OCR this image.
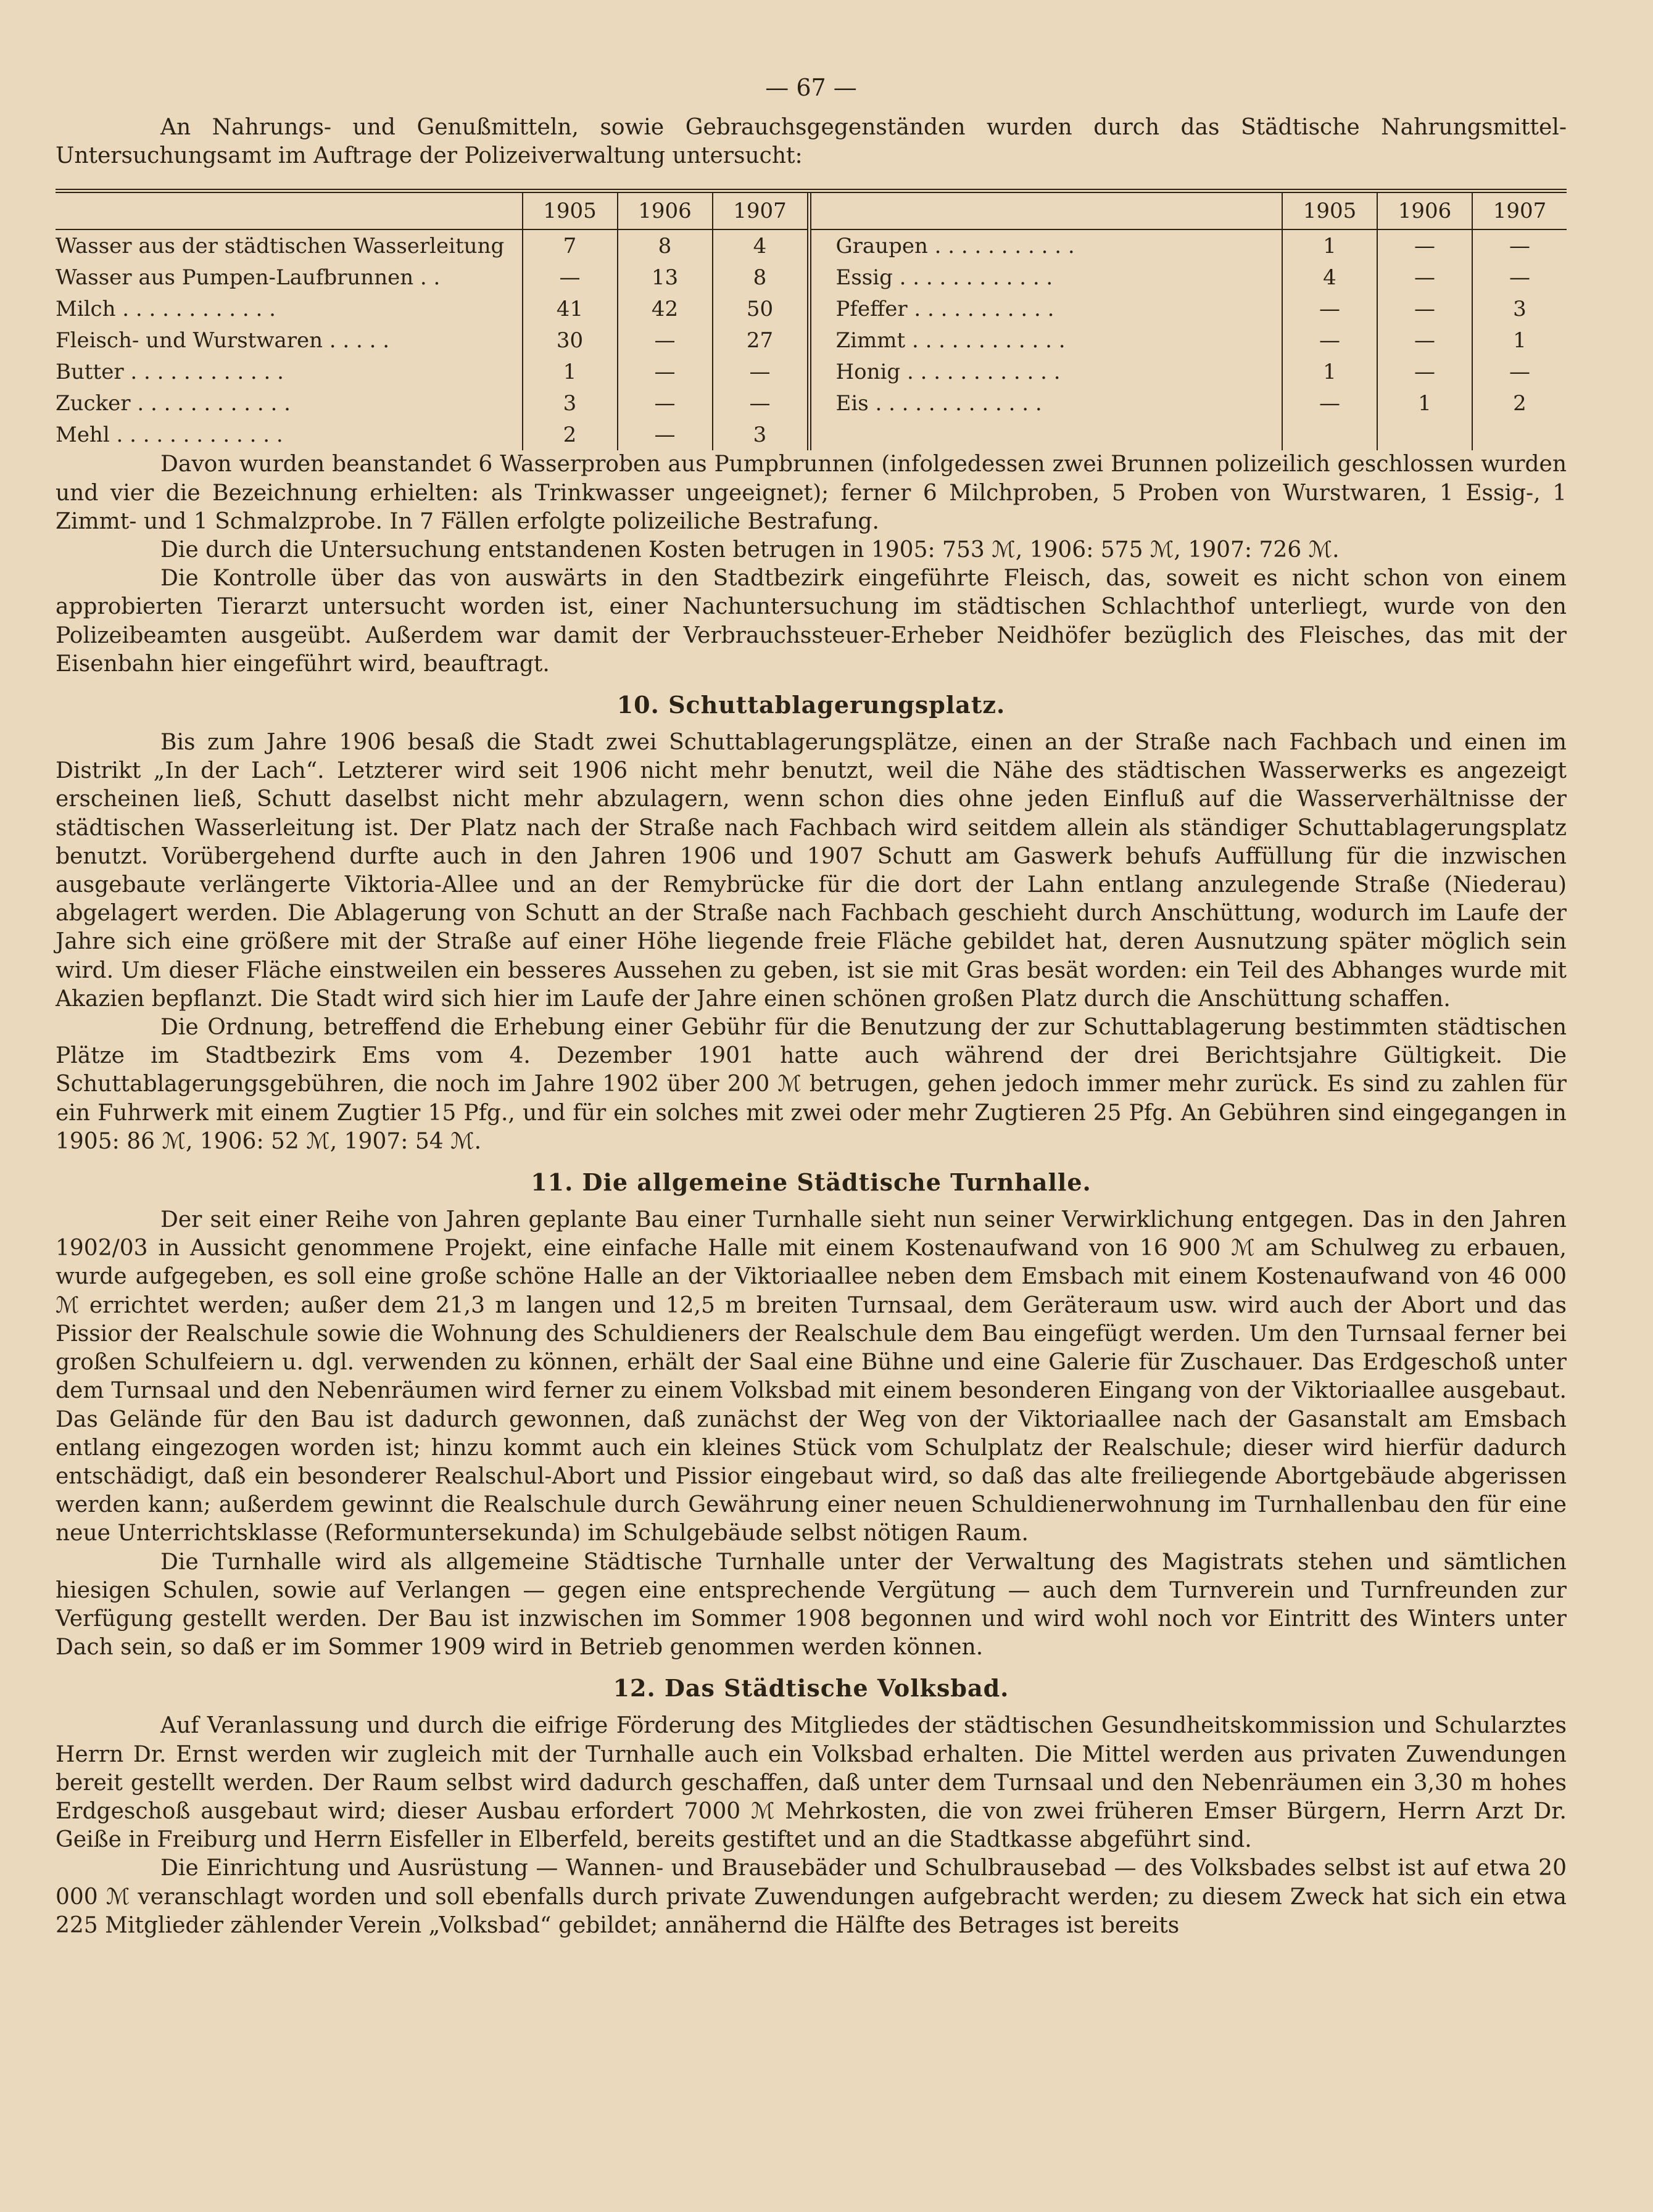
— 67 —

An Nahrungs- und Genußmitteln, sowie Gebrauchsgegenständen wurden durch das Städtische Nahrungsmittel-Untersuchungsamt im Auftrage der Polizeiverwaltung untersucht:

	1905	1906	1907
Wasser aus der städtischen Wasserleitung	7	8	4
Wasser aus Pumpen-Laufbrunnen . .	—	13	8
Milch . . . . . . . . . . . .	41	42	50
Fleisch- und Wurstwaren . . . . .	30	—	27
Butter . . . . . . . . . . . .	1	—	—
Zucker . . . . . . . . . . . .	3	—	—
Mehl . . . . . . . . . . . . .	2	—	3
	1905	1906	1907
Graupen . . . . . . . . . . .	1	—	—
Essig . . . . . . . . . . . .	4	—	—
Pfeffer . . . . . . . . . . .	—	—	3
Zimmt . . . . . . . . . . . .	—	—	1
Honig . . . . . . . . . . . .	1	—	—
Eis . . . . . . . . . . . . .	—	1	2

Davon wurden beanstandet 6 Wasserproben aus Pumpbrunnen (infolgedessen zwei Brunnen polizeilich geschlossen wurden und vier die Bezeichnung erhielten: als Trinkwasser ungeeignet); ferner 6 Milchproben, 5 Proben von Wurstwaren, 1 Essig-, 1 Zimmt- und 1 Schmalzprobe. In 7 Fällen erfolgte polizeiliche Bestrafung.

Die durch die Untersuchung entstandenen Kosten betrugen in 1905: 753 ℳ, 1906: 575 ℳ, 1907: 726 ℳ.

Die Kontrolle über das von auswärts in den Stadtbezirk eingeführte Fleisch, das, soweit es nicht schon von einem approbierten Tierarzt untersucht worden ist, einer Nachuntersuchung im städtischen Schlachthof unterliegt, wurde von den Polizeibeamten ausgeübt. Außerdem war damit der Verbrauchssteuer-Erheber Neidhöfer bezüglich des Fleisches, das mit der Eisenbahn hier eingeführt wird, beauftragt.

10. Schuttablagerungsplatz.

Bis zum Jahre 1906 besaß die Stadt zwei Schuttablagerungsplätze, einen an der Straße nach Fachbach und einen im Distrikt „In der Lach“. Letzterer wird seit 1906 nicht mehr benutzt, weil die Nähe des städtischen Wasserwerks es angezeigt erscheinen ließ, Schutt daselbst nicht mehr abzulagern, wenn schon dies ohne jeden Einfluß auf die Wasserverhältnisse der städtischen Wasserleitung ist. Der Platz nach der Straße nach Fachbach wird seitdem allein als ständiger Schuttablagerungsplatz benutzt. Vorübergehend durfte auch in den Jahren 1906 und 1907 Schutt am Gaswerk behufs Auffüllung für die inzwischen ausgebaute verlängerte Viktoria-Allee und an der Remybrücke für die dort der Lahn entlang anzulegende Straße (Niederau) abgelagert werden. Die Ablagerung von Schutt an der Straße nach Fachbach geschieht durch Anschüttung, wodurch im Laufe der Jahre sich eine größere mit der Straße auf einer Höhe liegende freie Fläche gebildet hat, deren Ausnutzung später möglich sein wird. Um dieser Fläche einstweilen ein besseres Aussehen zu geben, ist sie mit Gras besät worden: ein Teil des Abhanges wurde mit Akazien bepflanzt. Die Stadt wird sich hier im Laufe der Jahre einen schönen großen Platz durch die Anschüttung schaffen.

Die Ordnung, betreffend die Erhebung einer Gebühr für die Benutzung der zur Schuttablagerung bestimmten städtischen Plätze im Stadtbezirk Ems vom 4. Dezember 1901 hatte auch während der drei Berichtsjahre Gültigkeit. Die Schuttablagerungsgebühren, die noch im Jahre 1902 über 200 ℳ betrugen, gehen jedoch immer mehr zurück. Es sind zu zahlen für ein Fuhrwerk mit einem Zugtier 15 Pfg., und für ein solches mit zwei oder mehr Zugtieren 25 Pfg. An Gebühren sind eingegangen in 1905: 86 ℳ, 1906: 52 ℳ, 1907: 54 ℳ.

11. Die allgemeine Städtische Turnhalle.

Der seit einer Reihe von Jahren geplante Bau einer Turnhalle sieht nun seiner Verwirklichung entgegen. Das in den Jahren 1902/03 in Aussicht genommene Projekt, eine einfache Halle mit einem Kostenaufwand von 16 900 ℳ am Schulweg zu erbauen, wurde aufgegeben, es soll eine große schöne Halle an der Viktoriaallee neben dem Emsbach mit einem Kostenaufwand von 46 000 ℳ errichtet werden; außer dem 21,3 m langen und 12,5 m breiten Turnsaal, dem Geräteraum usw. wird auch der Abort und das Pissior der Realschule sowie die Wohnung des Schuldieners der Realschule dem Bau eingefügt werden. Um den Turnsaal ferner bei großen Schulfeiern u. dgl. verwenden zu können, erhält der Saal eine Bühne und eine Galerie für Zuschauer. Das Erdgeschoß unter dem Turnsaal und den Nebenräumen wird ferner zu einem Volksbad mit einem besonderen Eingang von der Viktoriaallee ausgebaut. Das Gelände für den Bau ist dadurch gewonnen, daß zunächst der Weg von der Viktoriaallee nach der Gasanstalt am Emsbach entlang eingezogen worden ist; hinzu kommt auch ein kleines Stück vom Schulplatz der Realschule; dieser wird hierfür dadurch entschädigt, daß ein besonderer Realschul-Abort und Pissior eingebaut wird, so daß das alte freiliegende Abortgebäude abgerissen werden kann; außerdem gewinnt die Realschule durch Gewährung einer neuen Schuldienerwohnung im Turnhallenbau den für eine neue Unterrichtsklasse (Reformuntersekunda) im Schulgebäude selbst nötigen Raum.

Die Turnhalle wird als allgemeine Städtische Turnhalle unter der Verwaltung des Magistrats stehen und sämtlichen hiesigen Schulen, sowie auf Verlangen — gegen eine entsprechende Vergütung — auch dem Turnverein und Turnfreunden zur Verfügung gestellt werden. Der Bau ist inzwischen im Sommer 1908 begonnen und wird wohl noch vor Eintritt des Winters unter Dach sein, so daß er im Sommer 1909 wird in Betrieb genommen werden können.

12. Das Städtische Volksbad.

Auf Veranlassung und durch die eifrige Förderung des Mitgliedes der städtischen Gesundheitskommission und Schularztes Herrn Dr. Ernst werden wir zugleich mit der Turnhalle auch ein Volksbad erhalten. Die Mittel werden aus privaten Zuwendungen bereit gestellt werden. Der Raum selbst wird dadurch geschaffen, daß unter dem Turnsaal und den Nebenräumen ein 3,30 m hohes Erdgeschoß ausgebaut wird; dieser Ausbau erfordert 7000 ℳ Mehrkosten, die von zwei früheren Emser Bürgern, Herrn Arzt Dr. Geiße in Freiburg und Herrn Eisfeller in Elberfeld, bereits gestiftet und an die Stadtkasse abgeführt sind.

Die Einrichtung und Ausrüstung — Wannen- und Brausebäder und Schulbrausebad — des Volksbades selbst ist auf etwa 20 000 ℳ veranschlagt worden und soll ebenfalls durch private Zuwendungen aufgebracht werden; zu diesem Zweck hat sich ein etwa 225 Mitglieder zählender Verein „Volksbad“ gebildet; annähernd die Hälfte des Betrages ist bereits
